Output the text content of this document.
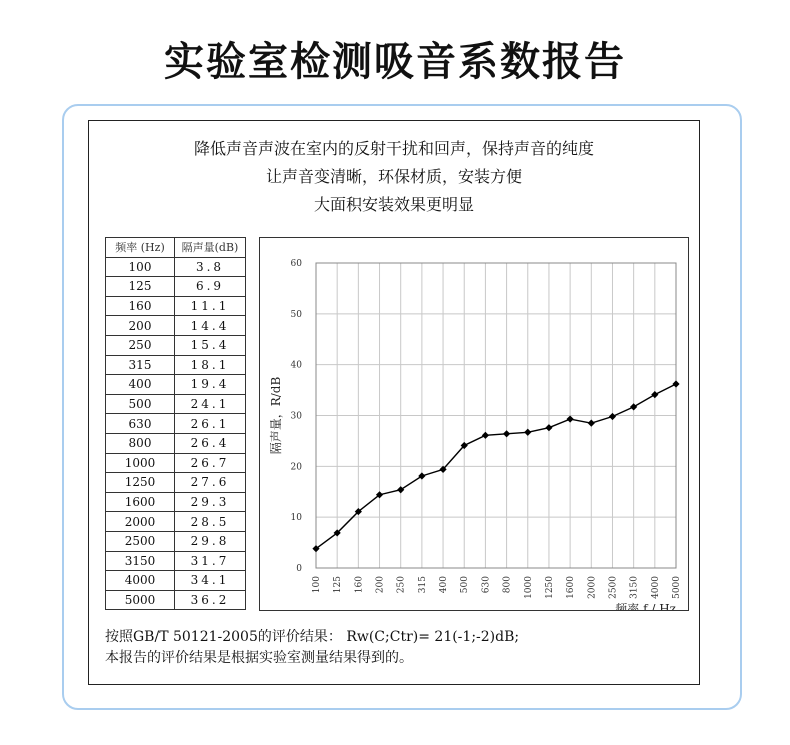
实验室检测吸音系数报告
降低声音声波在室内的反射干扰和回声，保持声音的纯度
让声音变清晰，环保材质，安装方便
大面积安装效果更明显
频率 (Hz)	隔声量(dB)
100	3.8
125	6.9
160	11.1
200	14.4
250	15.4
315	18.1
400	19.4
500	24.1
630	26.1
800	26.4
1000	26.7
1250	27.6
1600	29.3
2000	28.5
2500	29.8
3150	31.7
4000	34.1
5000	36.2
0
10
20
30
40
50
60
100 125 160 200 250 315 400 500 630 800 1000 1250 1600 2000 2500 3150 4000 5000
频率 f / Hz
隔声量，R/dB
按照GB/T 50121-2005的评价结果： Rw(C;Ctr)= 21(-1;-2)dB;
本报告的评价结果是根据实验室测量结果得到的。
